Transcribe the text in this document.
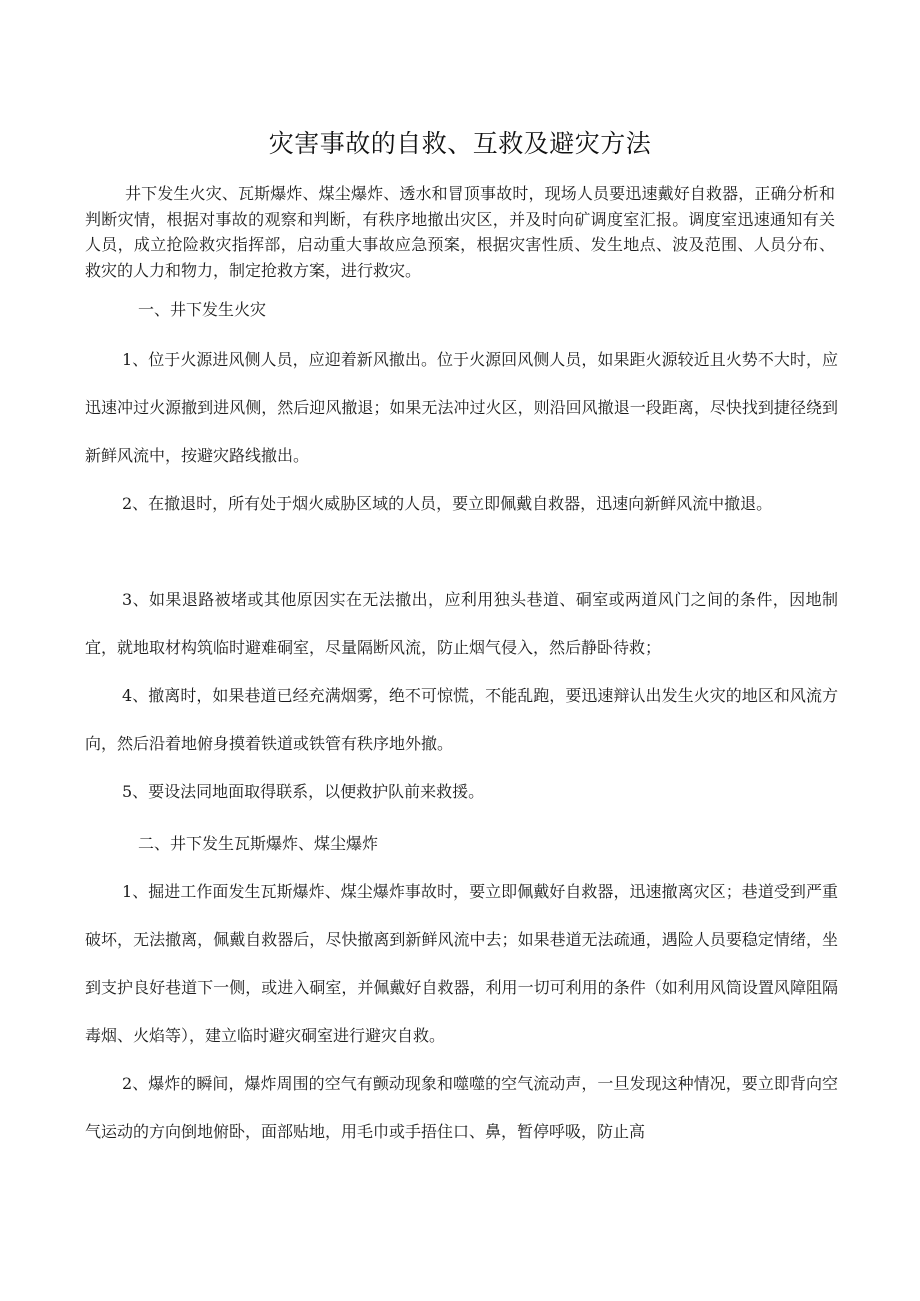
灾害事故的自救、互救及避灾方法

井下发生火灾、瓦斯爆炸、煤尘爆炸、透水和冒顶事故时，现场人员要迅速戴好自救器，正确分析和判断灾情，根据对事故的观察和判断，有秩序地撤出灾区，并及时向矿调度室汇报。调度室迅速通知有关人员，成立抢险救灾指挥部，启动重大事故应急预案，根据灾害性质、发生地点、波及范围、人员分布、救灾的人力和物力，制定抢救方案，进行救灾。

一、井下发生火灾

1、位于火源进风侧人员，应迎着新风撤出。位于火源回风侧人员，如果距火源较近且火势不大时，应迅速冲过火源撤到进风侧，然后迎风撤退；如果无法冲过火区，则沿回风撤退一段距离，尽快找到捷径绕到新鲜风流中，按避灾路线撤出。

2、在撤退时，所有处于烟火威胁区域的人员，要立即佩戴自救器，迅速向新鲜风流中撤退。

3、如果退路被堵或其他原因实在无法撤出，应利用独头巷道、硐室或两道风门之间的条件，因地制宜，就地取材构筑临时避难硐室，尽量隔断风流，防止烟气侵入，然后静卧待救；

4、撤离时，如果巷道已经充满烟雾，绝不可惊慌，不能乱跑，要迅速辩认出发生火灾的地区和风流方向，然后沿着地俯身摸着铁道或铁管有秩序地外撤。

5、要设法同地面取得联系，以便救护队前来救援。

二、井下发生瓦斯爆炸、煤尘爆炸

1、掘进工作面发生瓦斯爆炸、煤尘爆炸事故时，要立即佩戴好自救器，迅速撤离灾区；巷道受到严重破坏，无法撤离，佩戴自救器后，尽快撤离到新鲜风流中去；如果巷道无法疏通，遇险人员要稳定情绪，坐到支护良好巷道下一侧，或进入硐室，并佩戴好自救器，利用一切可利用的条件（如利用风筒设置风障阻隔毒烟、火焰等），建立临时避灾硐室进行避灾自救。

2、爆炸的瞬间，爆炸周围的空气有颤动现象和噬噬的空气流动声，一旦发现这种情况，要立即背向空气运动的方向倒地俯卧，面部贴地，用毛巾或手捂住口、鼻，暂停呼吸，防止高
